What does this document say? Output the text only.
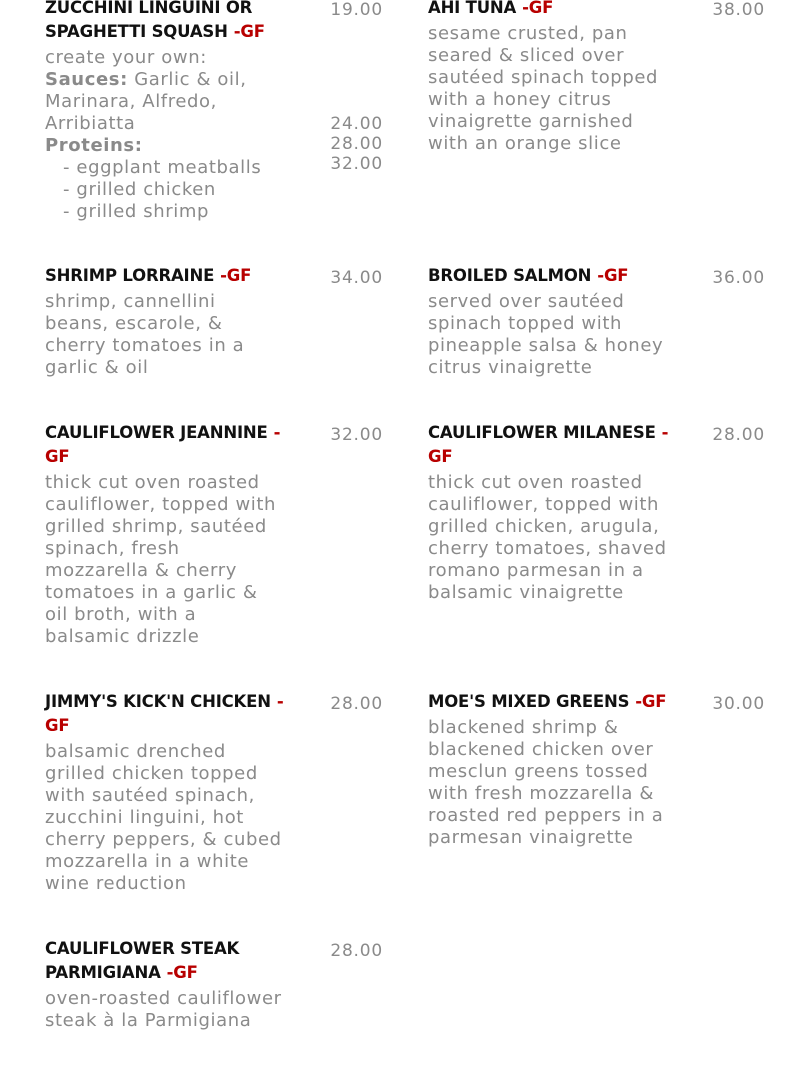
ZUCCHINI LINGUINI OR SPAGHETTI SQUASH -GF

create your own:
Sauces: Garlic & oil, Marinara, Alfredo, Arribiatta
Proteins:
- eggplant meatballs
- grilled chicken
- grilled shrimp
19.00
24.00
28.00
32.00

AHI TUNA -GF

sesame crusted, pan seared & sliced over sautéed spinach topped with a honey citrus vinaigrette garnished with an orange slice
38.00

SHRIMP LORRAINE -GF

shrimp, cannellini beans, escarole, & cherry tomatoes in a garlic & oil
34.00	BROILED SALMON -GF

served over sautéed spinach topped with pineapple salsa & honey citrus vinaigrette
36.00

CAULIFLOWER JEANNINE -GF

thick cut oven roasted cauliflower, topped with grilled shrimp, sautéed spinach, fresh mozzarella & cherry tomatoes in a garlic & oil broth, with a balsamic drizzle
32.00	CAULIFLOWER MILANESE -GF

thick cut oven roasted cauliflower, topped with grilled chicken, arugula, cherry tomatoes, shaved romano parmesan in a balsamic vinaigrette
28.00

JIMMY'S KICK'N CHICKEN -GF

balsamic drenched grilled chicken topped with sautéed spinach, zucchini linguini, hot cherry peppers, & cubed mozzarella in a white wine reduction
28.00	MOE'S MIXED GREENS -GF

blackened shrimp & blackened chicken over mesclun greens tossed with fresh mozzarella & roasted red peppers in a parmesan vinaigrette
30.00

CAULIFLOWER STEAK PARMIGIANA -GF

oven-roasted cauliflower steak à la Parmigiana
28.00
